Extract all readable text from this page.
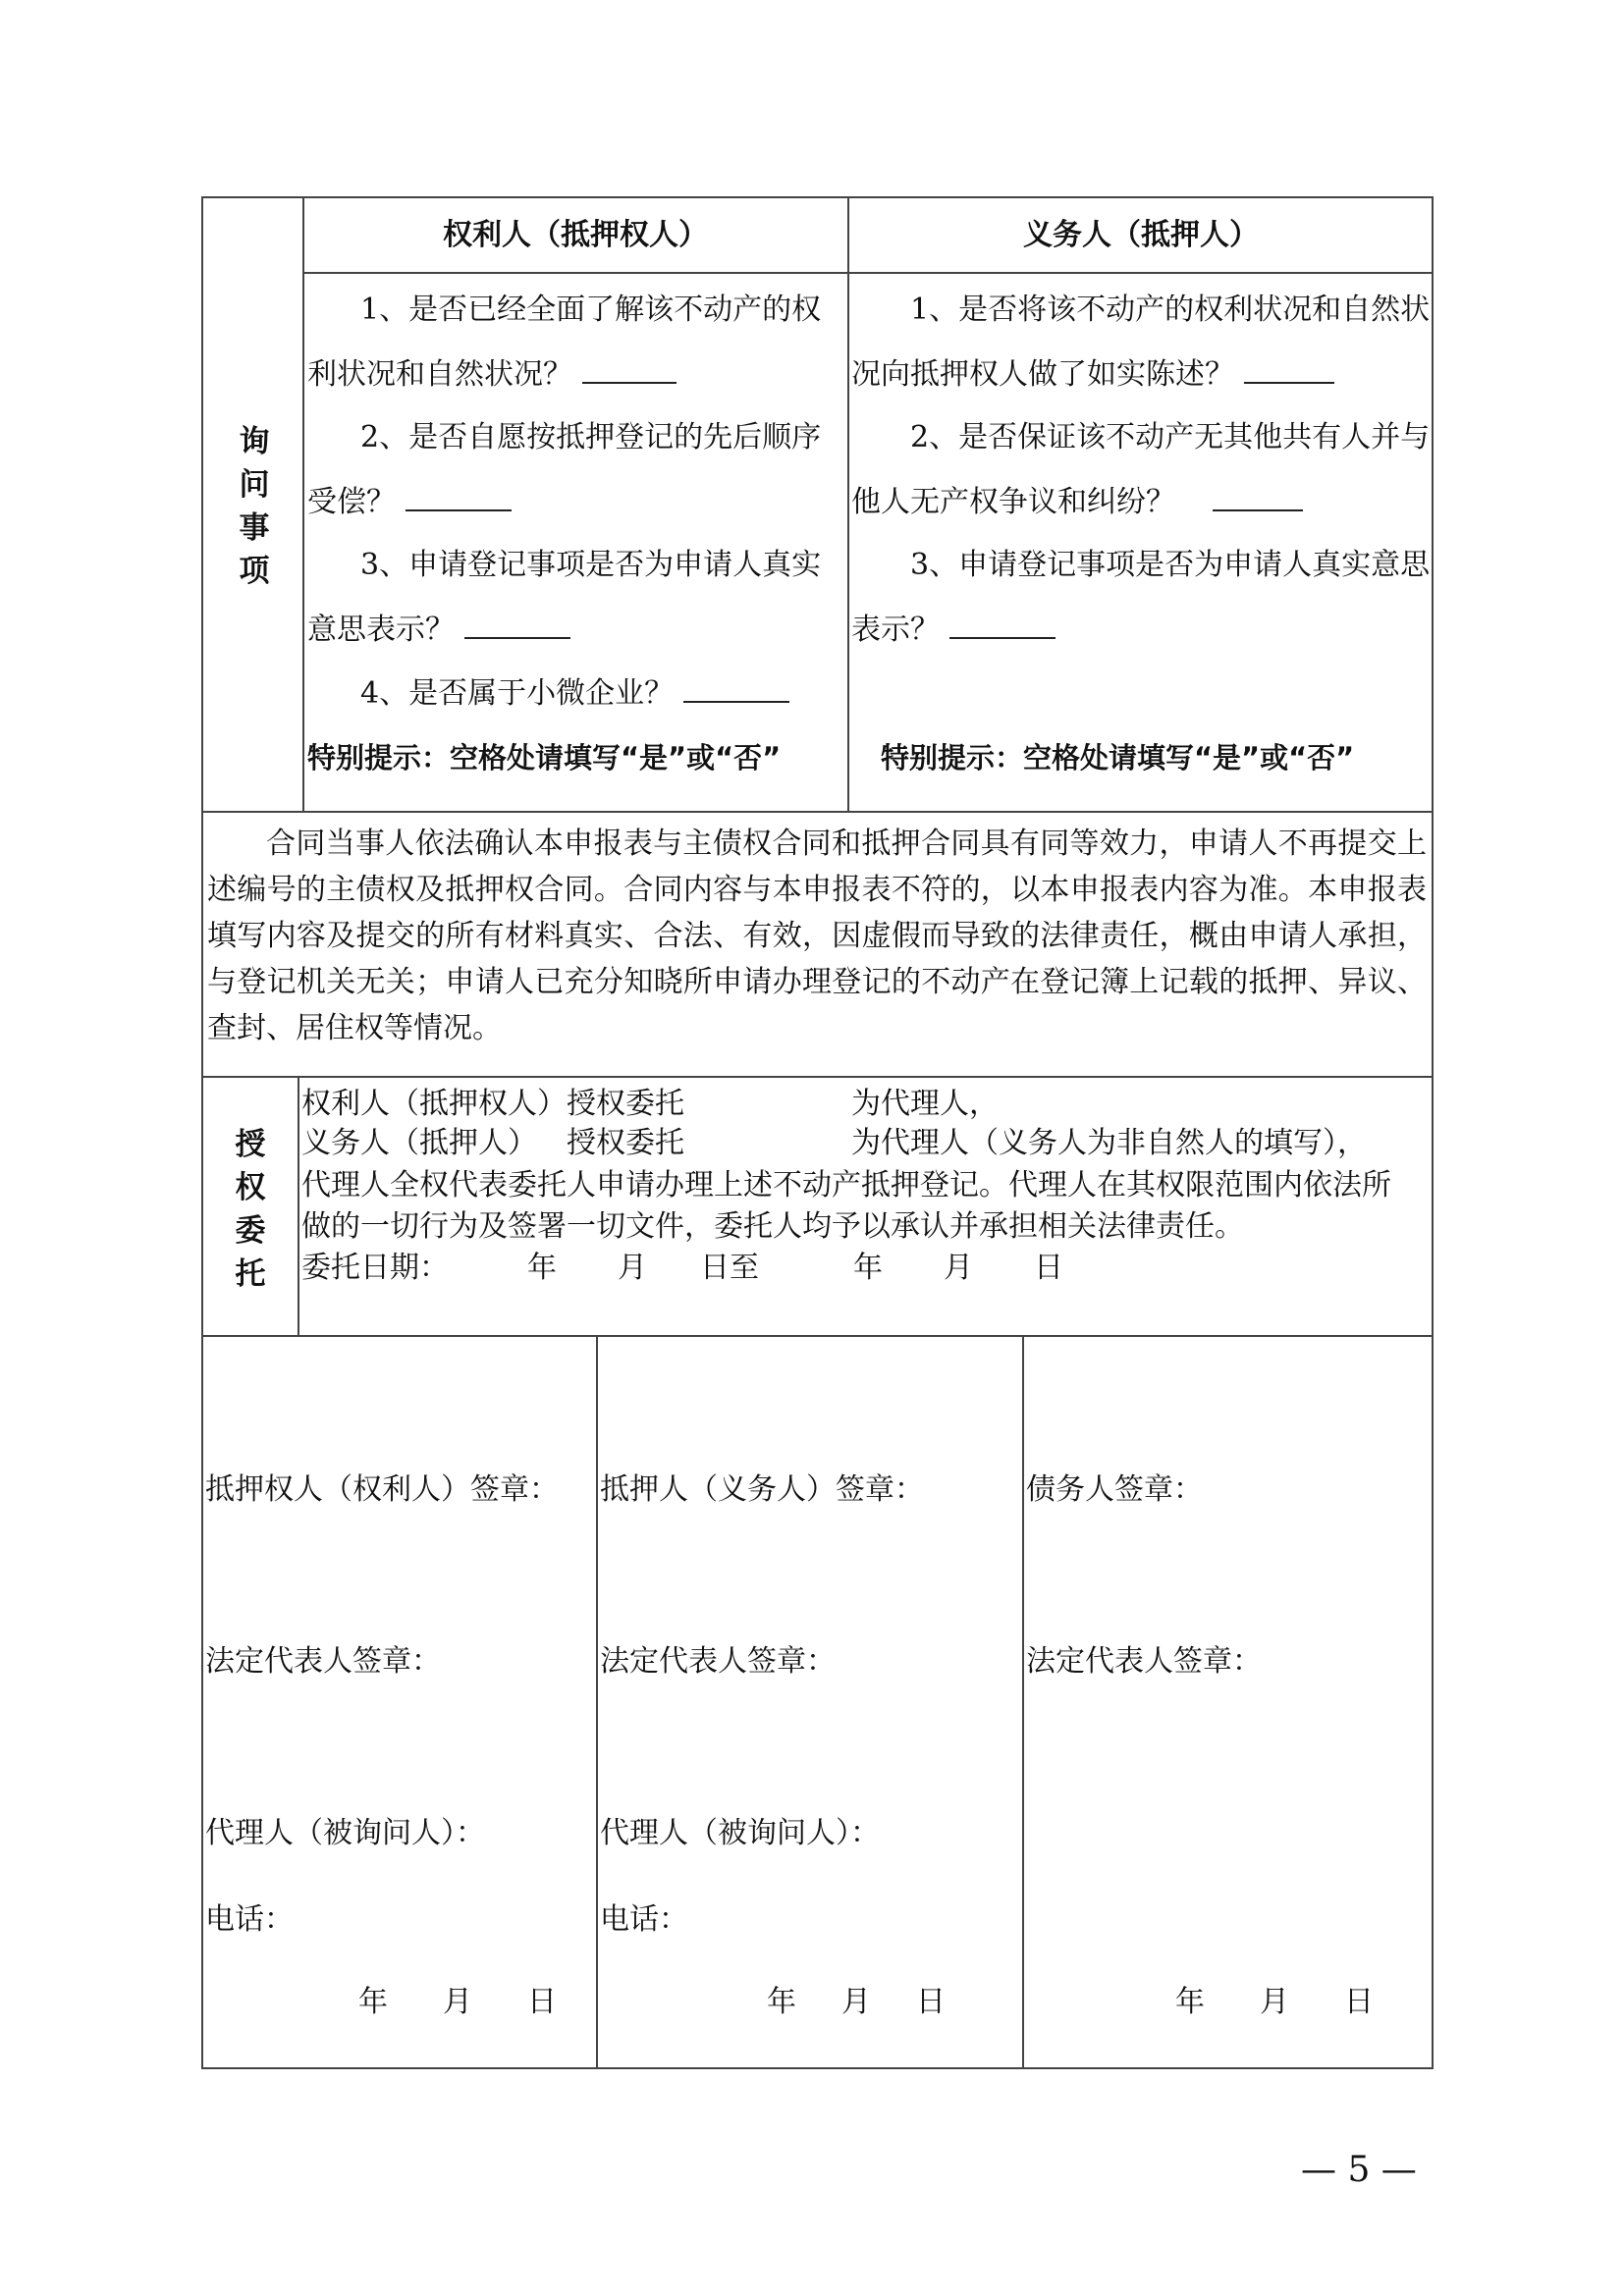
询问事项
权利人（抵押权人）	义务人（抵押人）
1、是否已经全面了解该不动产的权
利状况和自然状况？
2、是否自愿按抵押登记的先后顺序
受偿？
3、申请登记事项是否为申请人真实
意思表示？
4、是否属于小微企业？
特别提示：空格处请填写“是”或“否”
1、是否将该不动产的权利状况和自然状
况向抵押权人做了如实陈述？
2、是否保证该不动产无其他共有人并与
他人无产权争议和纠纷？
3、申请登记事项是否为申请人真实意思
表示？
特别提示：空格处请填写“是”或“否”
合同当事人依法确认本申报表与主债权合同和抵押合同具有同等效力，申请人不再提交上述编号的主债权及抵押权合同。合同内容与本申报表不符的，以本申报表内容为准。本申报表填写内容及提交的所有材料真实、合法、有效，因虚假而导致的法律责任，概由申请人承担，与登记机关无关；申请人已充分知晓所申请办理登记的不动产在登记簿上记载的抵押、异议、查封、居住权等情况。
授权委托
权利人（抵押权人）授权委托	为代理人，
义务人（抵押人） 授权委托	为代理人（义务人为非自然人的填写），
代理人全权代表委托人申请办理上述不动产抵押登记。代理人在其权限范围内依法所
做的一切行为及签署一切文件，委托人均予以承认并承担相关法律责任。
委托日期：	年 月 日至	年 月 日
抵押权人（权利人）签章：
法定代表人签章：
代理人（被询问人）：
电话：
年 月 日
抵押人（义务人）签章：
法定代表人签章：
代理人（被询问人）：
电话：
年 月 日
债务人签章：
法定代表人签章：
年 月 日
— 5 —
